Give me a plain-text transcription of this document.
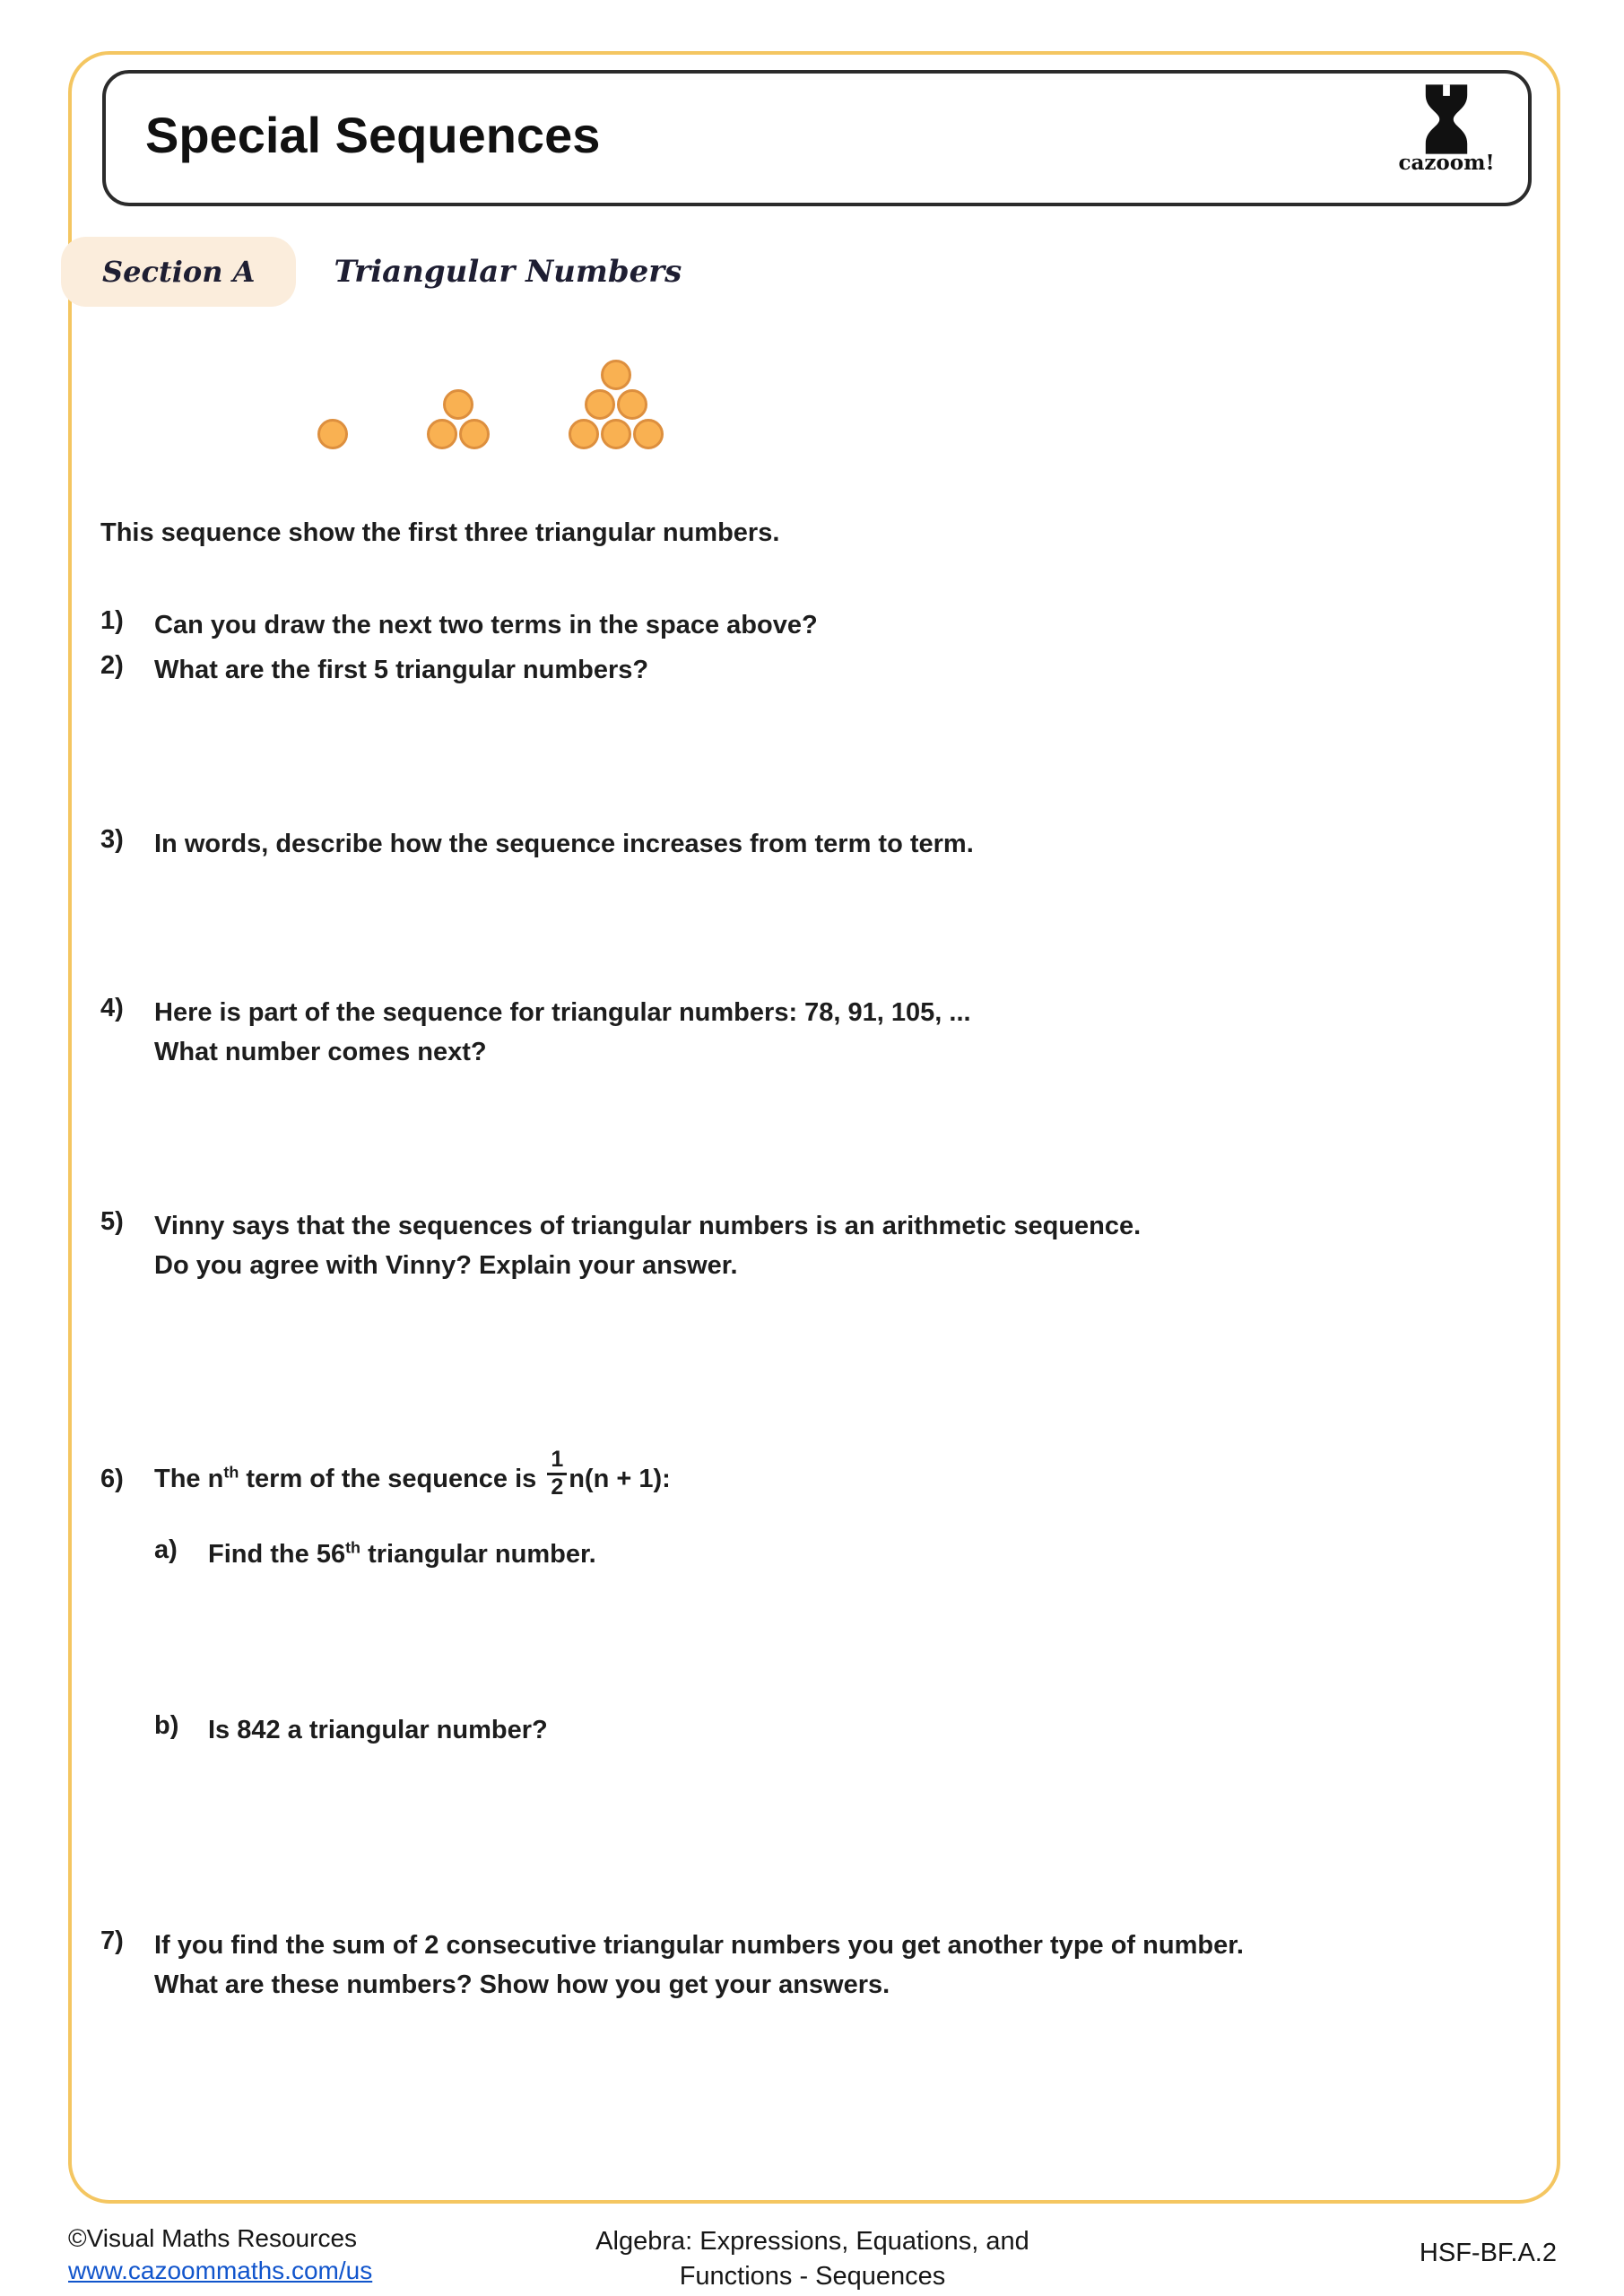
Special Sequences	cazoom!
Section A	Triangular Numbers
This sequence show the first three triangular numbers.
1)	Can you draw the next two terms in the space above?
2)	What are the first 5 triangular numbers?
3)	In words, describe how the sequence increases from term to term.
4)	Here is part of the sequence for triangular numbers: 78, 91, 105, ...
What number comes next?
5)	Vinny says that the sequences of triangular numbers is an arithmetic sequence.
Do you agree with Vinny? Explain your answer.
6)	The $n^{th}$ term of the sequence is $\frac{1}{2} n(n + 1)$:
a)	Find the 56th triangular number.
b)	Is 842 a triangular number?
7)	If you find the sum of 2 consecutive triangular numbers you get another type of number.
What are these numbers? Show how you get your answers.
©Visual Maths Resources
www.cazoommaths.com/us
Algebra: Expressions, Equations, and
Functions - Sequences
HSF-BF.A.2
